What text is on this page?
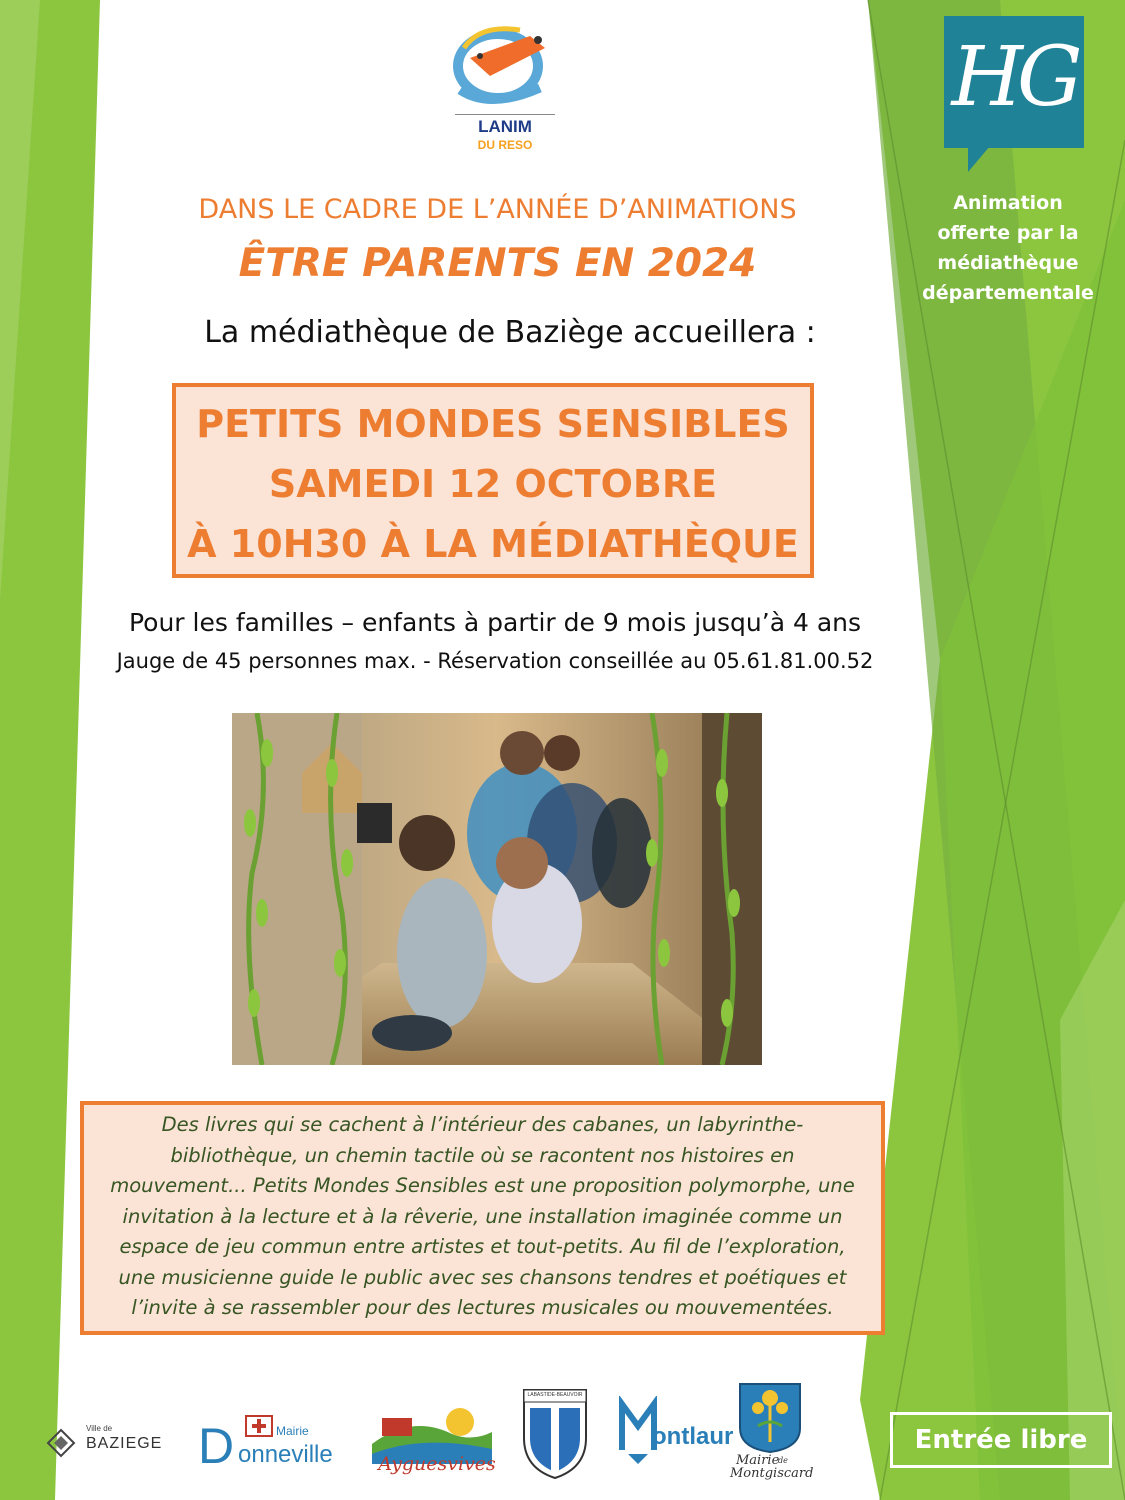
LANIM
DU RESO
HG
Animation offerte par la médiathèque départementale
DANS LE CADRE DE L’ANNÉE D’ANIMATIONS
ÊTRE PARENTS EN 2024
La médiathèque de Baziège accueillera :
PETITS MONDES SENSIBLES
SAMEDI 12 OCTOBRE
À 10H30 À LA MÉDIATHÈQUE
Pour les familles – enfants à partir de 9 mois jusqu’à 4 ans
Jauge de 45 personnes max. - Réservation conseillée au 05.61.81.00.52
Des livres qui se cachent à l’intérieur des cabanes, un labyrinthe-
bibliothèque, un chemin tactile où se racontent nos histoires en
mouvement... Petits Mondes Sensibles est une proposition polymorphe, une
invitation à la lecture et à la rêverie, une installation imaginée comme un
espace de jeu commun entre artistes et tout-petits. Au fil de l’exploration,
une musicienne guide le public avec ses chansons tendres et poétiques et
l’invite à se rassembler pour des lectures musicales ou mouvementées.
Ville de
BAZIEGE D onneville
Mairie
Ayguesvives
LABASTIDE-BEAUVOIR
ontlaur
Mairie
de
Montgiscard
Entrée libre
